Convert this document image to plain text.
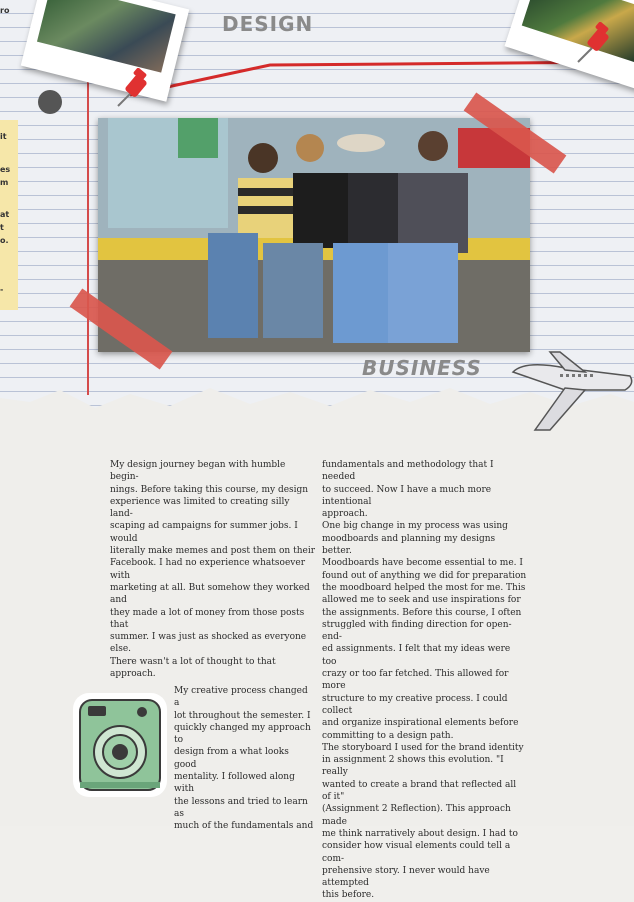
ro
it
es
m
at
t
o.
-
DESIGN
BUSINESS
My design journey began with humble begin-
nings. Before taking this course, my design
experience was limited to creating silly land-
scaping ad campaigns for summer jobs. I would
literally make memes and post them on their
Facebook. I had no experience whatsoever with
marketing at all. But somehow they worked and
they made a lot of money from those posts that
summer. I was just as shocked as everyone else.
There wasn't a lot of thought to that approach.

My creative process changed a
lot throughout the semester. I
quickly changed my approach to
design from a what looks good
mentality. I followed along with
the lessons and tried to learn as
much of the fundamentals and
fundamentals and methodology that I needed
to succeed. Now I have a much more intentional
approach.
One big change in my process was using
moodboards and planning my designs better.
Moodboards have become essential to me. I
found out of anything we did for preparation
the moodboard helped the most for me. This
allowed me to seek and use inspirations for
the assignments. Before this course, I often
struggled with finding direction for open-end-
ed assignments. I felt that my ideas were too
crazy or too far fetched. This allowed for more
structure to my creative process. I could collect
and organize inspirational elements before
committing to a design path.
The storyboard I used for the brand identity
in assignment 2 shows this evolution. "I really
wanted to create a brand that reflected all of it"
(Assignment 2 Reflection). This approach made
me think narratively about design. I had to
consider how visual elements could tell a com-
prehensive story. I never would have attempted
this before.
